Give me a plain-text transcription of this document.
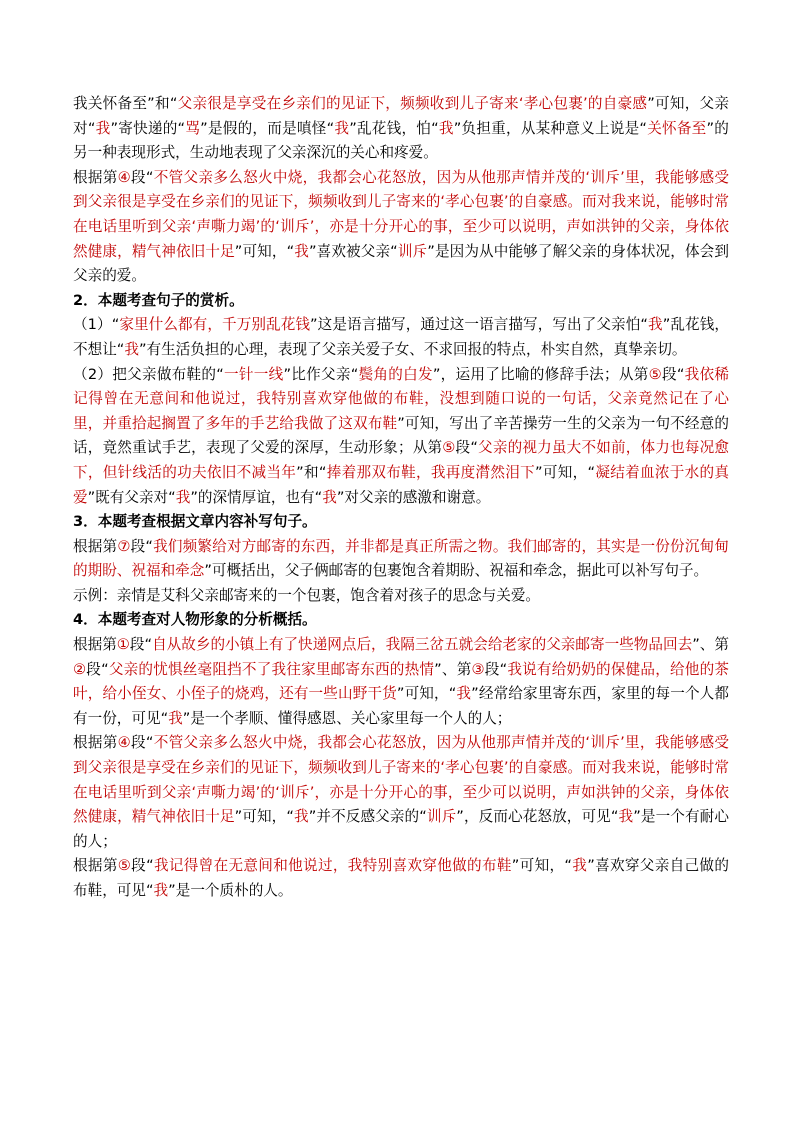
我关怀备至”和“父亲很是享受在乡亲们的见证下，频频收到儿子寄来‘孝心包裹’的自豪感”可知，父亲对“我”寄快递的“骂”是假的，而是嗔怪“我”乱花钱，怕“我”负担重，从某种意义上说是“关怀备至”的另一种表现形式，生动地表现了父亲深沉的关心和疼爱。

根据第④段“不管父亲多么怒火中烧，我都会心花怒放，因为从他那声情并茂的‘训斥’里，我能够感受到父亲很是享受在乡亲们的见证下，频频收到儿子寄来的‘孝心包裹’的自豪感。而对我来说，能够时常在电话里听到父亲‘声嘶力竭’的‘训斥’，亦是十分开心的事，至少可以说明，声如洪钟的父亲，身体依然健康，精气神依旧十足”可知，“我”喜欢被父亲“训斥”是因为从中能够了解父亲的身体状况，体会到父亲的爱。

2．本题考查句子的赏析。

（1）“家里什么都有，千万别乱花钱”这是语言描写，通过这一语言描写，写出了父亲怕“我”乱花钱，不想让“我”有生活负担的心理，表现了父亲关爱子女、不求回报的特点，朴实自然，真挚亲切。

（2）把父亲做布鞋的“一针一线”比作父亲“鬓角的白发”，运用了比喻的修辞手法；从第⑤段“我依稀记得曾在无意间和他说过，我特别喜欢穿他做的布鞋，没想到随口说的一句话，父亲竟然记在了心里，并重拾起搁置了多年的手艺给我做了这双布鞋”可知，写出了辛苦操劳一生的父亲为一句不经意的话，竟然重试手艺，表现了父爱的深厚，生动形象；从第⑤段“父亲的视力虽大不如前，体力也每况愈下，但针线活的功夫依旧不减当年”和“捧着那双布鞋，我再度潸然泪下”可知，“凝结着血浓于水的真爱”既有父亲对“我”的深情厚谊，也有“我”对父亲的感激和谢意。

3．本题考查根据文章内容补写句子。

根据第⑦段“我们频繁给对方邮寄的东西，并非都是真正所需之物。我们邮寄的，其实是一份份沉甸甸的期盼、祝福和牵念”可概括出，父子俩邮寄的包裹饱含着期盼、祝福和牵念，据此可以补写句子。

示例：亲情是艾科父亲邮寄来的一个包裹，饱含着对孩子的思念与关爱。

4．本题考查对人物形象的分析概括。

根据第①段“自从故乡的小镇上有了快递网点后，我隔三岔五就会给老家的父亲邮寄一些物品回去”、第②段“父亲的忧惧丝毫阻挡不了我往家里邮寄东西的热情”、第③段“我说有给奶奶的保健品，给他的茶叶，给小侄女、小侄子的烧鸡，还有一些山野干货”可知，“我”经常给家里寄东西，家里的每一个人都有一份，可见“我”是一个孝顺、懂得感恩、关心家里每一个人的人；

根据第④段“不管父亲多么怒火中烧，我都会心花怒放，因为从他那声情并茂的‘训斥’里，我能够感受到父亲很是享受在乡亲们的见证下，频频收到儿子寄来的‘孝心包裹’的自豪感。而对我来说，能够时常在电话里听到父亲‘声嘶力竭’的‘训斥’，亦是十分开心的事，至少可以说明，声如洪钟的父亲，身体依然健康，精气神依旧十足”可知，“我”并不反感父亲的“训斥”，反而心花怒放，可见“我”是一个有耐心的人；

根据第⑤段“我记得曾在无意间和他说过，我特别喜欢穿他做的布鞋”可知，“我”喜欢穿父亲自己做的布鞋，可见“我”是一个质朴的人。
